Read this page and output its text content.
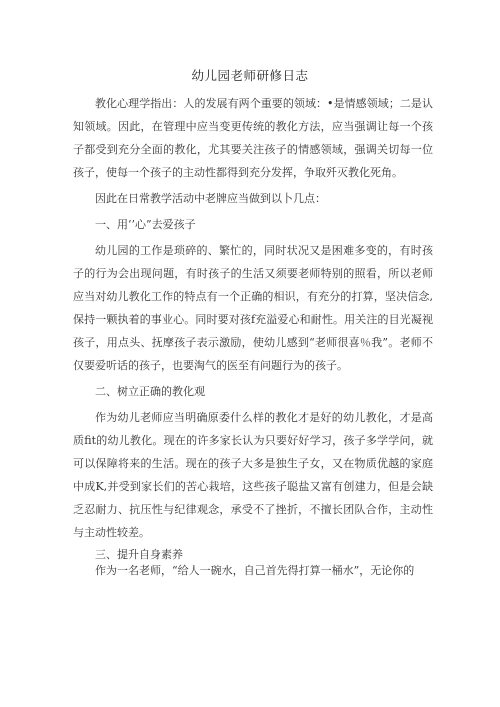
幼儿园老师研修日志

教化心理学指出：人的发展有两个重要的领域：•是情感领域；二是认知领域。因此，在管理中应当变更传统的教化方法，应当强调让每一个孩子都受到充分全面的教化，尤其要关注孩子的情感领域，强调关切每一位孩子，使每一个孩子的主动性都得到充分发挥，争取歼灭教化死角。

因此在日常教学活动中老牌应当做到以卜几点：

一、用‘’心”去爱孩子

幼儿园的工作是琐碎的、繁忙的，同时状况又是困难多变的，有时孩子的行为会出现问题，有时孩子的生活又须要老师特别的照看，所以老师应当对幼儿教化工作的特点有一个正确的相识，有充分的打算，坚决信念,保持一颗执着的事业心。同时要对孩f充溢爱心和耐性。用关注的目光凝视孩子，用点头、抚摩孩子表示激励，使幼儿感到“老师很喜％我”。老师不仅要爱听话的孩子，也要淘气的医至有问题行为的孩子。

二、树立正确的教化观

作为幼儿老师应当明确原委什么样的教化才是好的幼儿教化，才是高质fit的幼儿教化。现在的许多家长认为只要好好学习，孩子多学学问，就可以保障将来的生活。现在的孩子大多是独生子女，又在物质优越的家庭中成K,并受到家长们的苦心栽培，这些孩子聪盐又富有创建力，但是会缺乏忍耐力、抗压性与纪律观念，承受不了挫折，不擅长团队合作，主动性与主动性较差。

三、提升自身素养

作为一名老师，“给人一碗水，自己首先得打算一桶水”，无论你的
